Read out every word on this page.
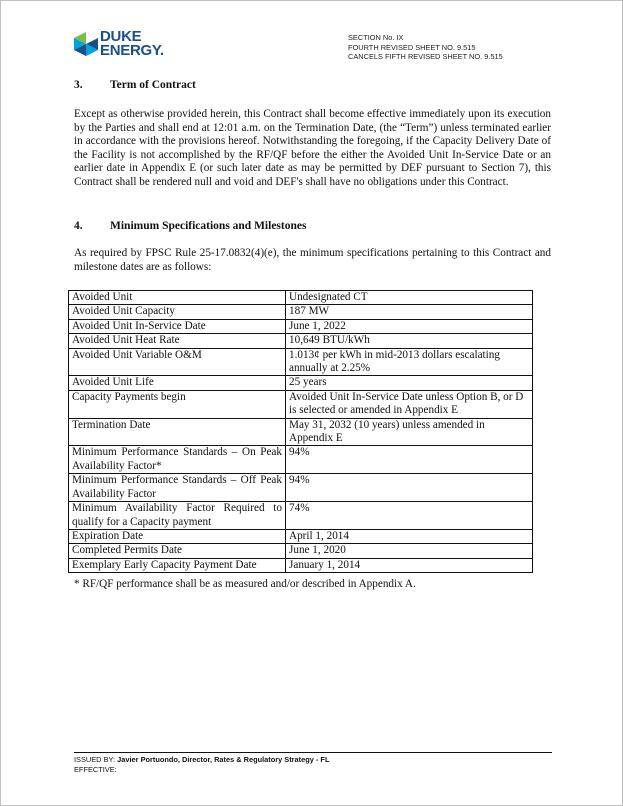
DUKE
ENERGY.
SECTION No. IX
FOURTH REVISED SHEET NO. 9.515
CANCELS FIFTH REVISED SHEET NO. 9.515
3. Term of Contract
Except as otherwise provided herein, this Contract shall become effective immediately upon its execution by the Parties and shall end at 12:01 a.m. on the Termination Date, (the “Term”) unless terminated earlier in accordance with the provisions hereof. Notwithstanding the foregoing, if the Capacity Delivery Date of the Facility is not accomplished by the RF/QF before the either the Avoided Unit In-Service Date or an earlier date in Appendix E (or such later date as may be permitted by DEF pursuant to Section 7), this Contract shall be rendered null and void and DEF's shall have no obligations under this Contract.
4. Minimum Specifications and Milestones
As required by FPSC Rule 25-17.0832(4)(e), the minimum specifications pertaining to this Contract and milestone dates are as follows:
Avoided Unit	Undesignated CT
Avoided Unit Capacity	187 MW
Avoided Unit In-Service Date	June 1, 2022
Avoided Unit Heat Rate	10,649 BTU/kWh
Avoided Unit Variable O&M	1.013¢ per kWh in mid-2013 dollars escalating annually at 2.25%
Avoided Unit Life	25 years
Capacity Payments begin	Avoided Unit In-Service Date unless Option B, or D is selected or amended in Appendix E
Termination Date	May 31, 2032 (10 years) unless amended in Appendix E
Minimum Performance Standards – On Peak Availability Factor*	94%
Minimum Performance Standards – Off Peak Availability Factor	94%
Minimum Availability Factor Required to qualify for a Capacity payment	74%
Expiration Date	April 1, 2014
Completed Permits Date	June 1, 2020
Exemplary Early Capacity Payment Date	January 1, 2014
* RF/QF performance shall be as measured and/or described in Appendix A.
ISSUED BY: Javier Portuondo, Director, Rates & Regulatory Strategy - FL
EFFECTIVE:
